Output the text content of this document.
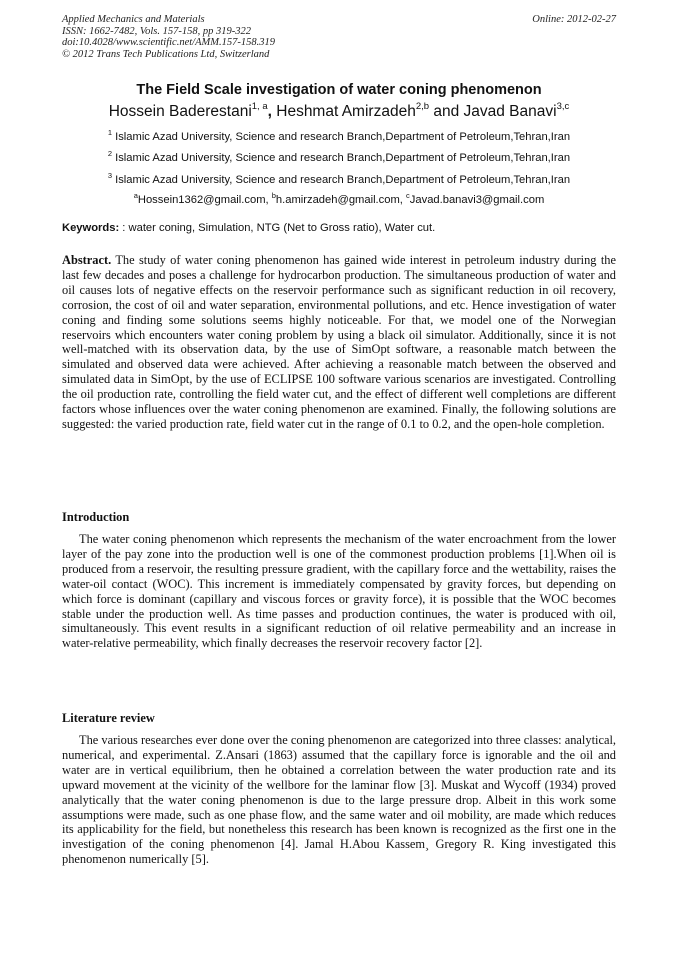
Applied Mechanics and Materials
ISSN: 1662-7482, Vols. 157-158, pp 319-322
doi:10.4028/www.scientific.net/AMM.157-158.319
© 2012 Trans Tech Publications Ltd, Switzerland
Online: 2012-02-27
The Field Scale investigation of water coning phenomenon
Hossein Baderestani$^{1, a}$, Heshmat Amirzadeh$^{2,b}$ and Javad Banavi$^{3,c}$
$^1$ Islamic Azad University, Science and research Branch,Department of Petroleum,Tehran,Iran
$^2$ Islamic Azad University, Science and research Branch,Department of Petroleum,Tehran,Iran
$^3$ Islamic Azad University, Science and research Branch,Department of Petroleum,Tehran,Iran
$^a$Hossein1362@gmail.com, $^b$h.amirzadeh@gmail.com, $^c$Javad.banavi3@gmail.com
Keywords: : water coning, Simulation, NTG (Net to Gross ratio), Water cut.
Abstract. The study of water coning phenomenon has gained wide interest in petroleum industry during the last few decades and poses a challenge for hydrocarbon production. The simultaneous production of water and oil causes lots of negative effects on the reservoir performance such as significant reduction in oil recovery, corrosion, the cost of oil and water separation, environmental pollutions, and etc. Hence investigation of water coning and finding some solutions seems highly noticeable. For that, we model one of the Norwegian reservoirs which encounters water coning problem by using a black oil simulator. Additionally, since it is not well-matched with its observation data, by the use of SimOpt software, a reasonable match between the simulated and observed data were achieved. After achieving a reasonable match between the observed and simulated data in SimOpt, by the use of ECLIPSE 100 software various scenarios are investigated. Controlling the oil production rate, controlling the field water cut, and the effect of different well completions are different factors whose influences over the water coning phenomenon are examined. Finally, the following solutions are suggested: the varied production rate, field water cut in the range of 0.1 to 0.2, and the open-hole completion.
Introduction
The water coning phenomenon which represents the mechanism of the water encroachment from the lower layer of the pay zone into the production well is one of the commonest production problems [1].When oil is produced from a reservoir, the resulting pressure gradient, with the capillary force and the wettability, raises the water-oil contact (WOC). This increment is immediately compensated by gravity forces, but depending on which force is dominant (capillary and viscous forces or gravity force), it is possible that the WOC becomes stable under the production well. As time passes and production continues, the water is produced with oil, simultaneously. This event results in a significant reduction of oil relative permeability and an increase in water-relative permeability, which finally decreases the reservoir recovery factor [2].
Literature review
The various researches ever done over the coning phenomenon are categorized into three classes: analytical, numerical, and experimental. Z.Ansari (1863) assumed that the capillary force is ignorable and the oil and water are in vertical equilibrium, then he obtained a correlation between the water production rate and its upward movement at the vicinity of the wellbore for the laminar flow [3]. Muskat and Wycoff (1934) proved analytically that the water coning phenomenon is due to the large pressure drop. Albeit in this work some assumptions were made, such as one phase flow, and the same water and oil mobility, are made which reduces its applicability for the field, but nonetheless this research has been known is recognized as the first one in the investigation of the coning phenomenon [4]. Jamal H.Abou Kassem¸ Gregory R. King investigated this phenomenon numerically [5].
